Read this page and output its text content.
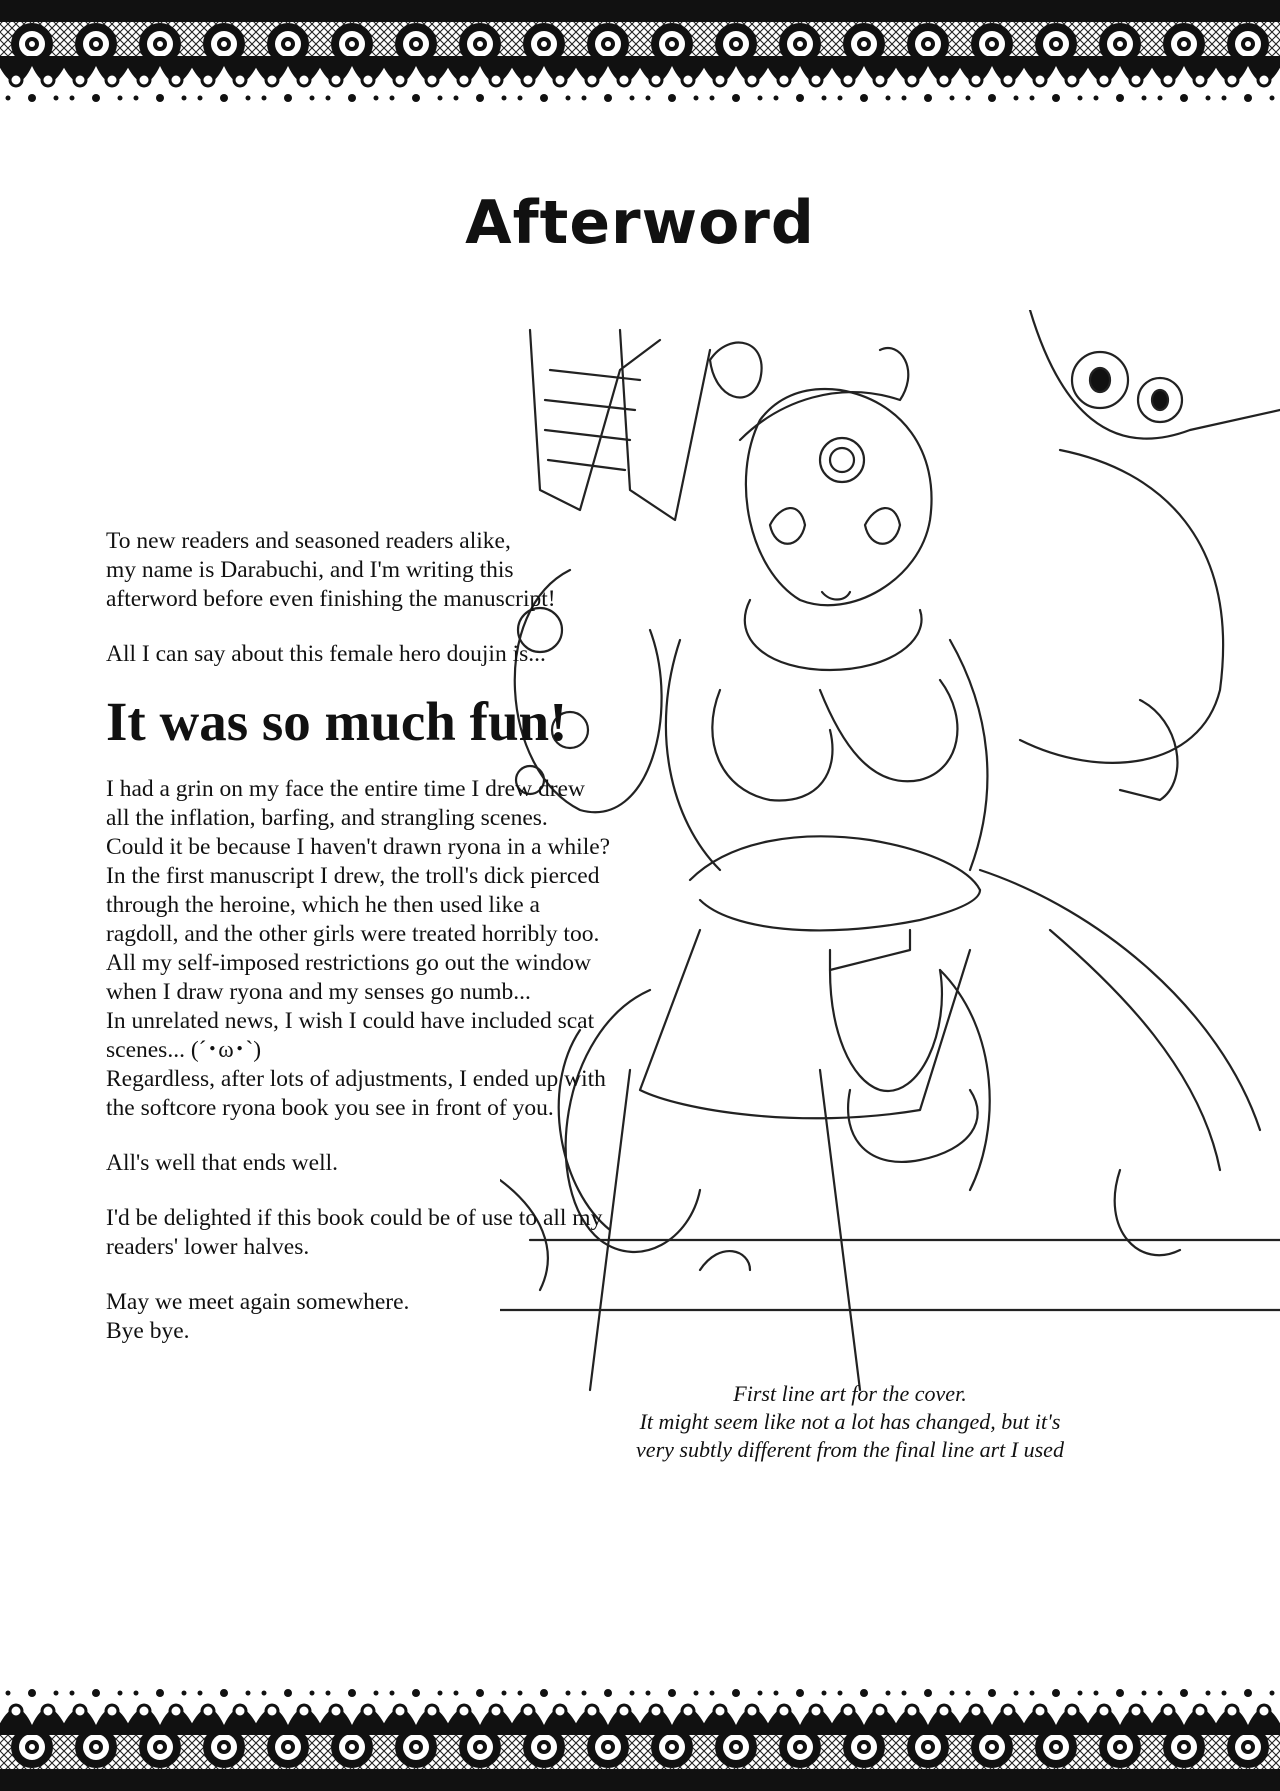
Afterword

To new readers and seasoned readers alike,
my name is Darabuchi, and I'm writing this
afterword before even finishing the manuscript!

All I can say about this female hero doujin is...

It was so much fun!

I had a grin on my face the entire time I drew drew
all the inflation, barfing, and strangling scenes.
Could it be because I haven't drawn ryona in a while?
In the first manuscript I drew, the troll's dick pierced
through the heroine, which he then used like a
ragdoll, and the other girls were treated horribly too.
All my self-imposed restrictions go out the window
when I draw ryona and my senses go numb...
In unrelated news, I wish I could have included scat
scenes... (´･ω･`)
Regardless, after lots of adjustments, I ended up with
the softcore ryona book you see in front of you.

All's well that ends well.

I'd be delighted if this book could be of use to all my
readers' lower halves.

May we meet again somewhere.
Bye bye.

First line art for the cover.
It might seem like not a lot has changed, but it's
very subtly different from the final line art I used
